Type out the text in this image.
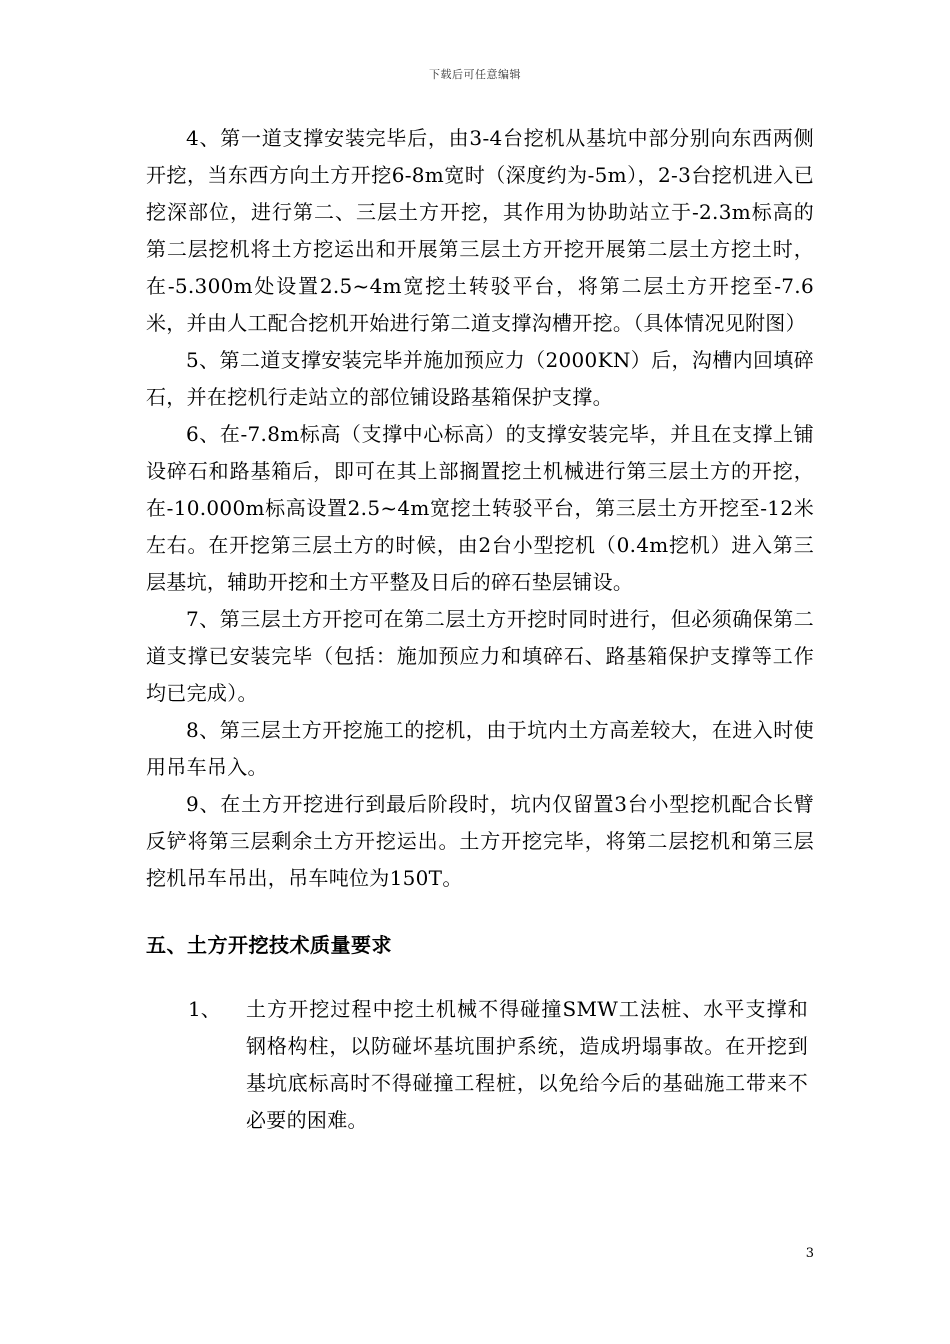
下载后可任意编辑

4、第一道支撑安装完毕后，由3-4台挖机从基坑中部分别向东西两侧开挖，当东西方向土方开挖6-8m宽时（深度约为-5m），2-3台挖机进入已挖深部位，进行第二、三层土方开挖，其作用为协助站立于-2.3m标高的第二层挖机将土方挖运出和开展第三层土方开挖开展第二层土方挖土时，在-5.300m处设置2.5~4m宽挖土转驳平台，将第二层土方开挖至-7.6米，并由人工配合挖机开始进行第二道支撑沟槽开挖。（具体情况见附图）

5、第二道支撑安装完毕并施加预应力（2000KN）后，沟槽内回填碎石，并在挖机行走站立的部位铺设路基箱保护支撑。

6、在-7.8m标高（支撑中心标高）的支撑安装完毕，并且在支撑上铺设碎石和路基箱后，即可在其上部搁置挖土机械进行第三层土方的开挖，在-10.000m标高设置2.5~4m宽挖土转驳平台，第三层土方开挖至-12米左右。在开挖第三层土方的时候，由2台小型挖机（0.4m挖机）进入第三层基坑，辅助开挖和土方平整及日后的碎石垫层铺设。

7、第三层土方开挖可在第二层土方开挖时同时进行，但必须确保第二道支撑已安装完毕（包括：施加预应力和填碎石、路基箱保护支撑等工作均已完成）。

8、第三层土方开挖施工的挖机，由于坑内土方高差较大，在进入时使用吊车吊入。

9、在土方开挖进行到最后阶段时，坑内仅留置3台小型挖机配合长臂反铲将第三层剩余土方开挖运出。土方开挖完毕，将第二层挖机和第三层挖机吊车吊出，吊车吨位为150T。

五、土方开挖技术质量要求
1、	土方开挖过程中挖土机械不得碰撞SMW工法桩、水平支撑和钢格构柱，以防碰坏基坑围护系统，造成坍塌事故。在开挖到基坑底标高时不得碰撞工程桩，以免给今后的基础施工带来不必要的困难。
3
